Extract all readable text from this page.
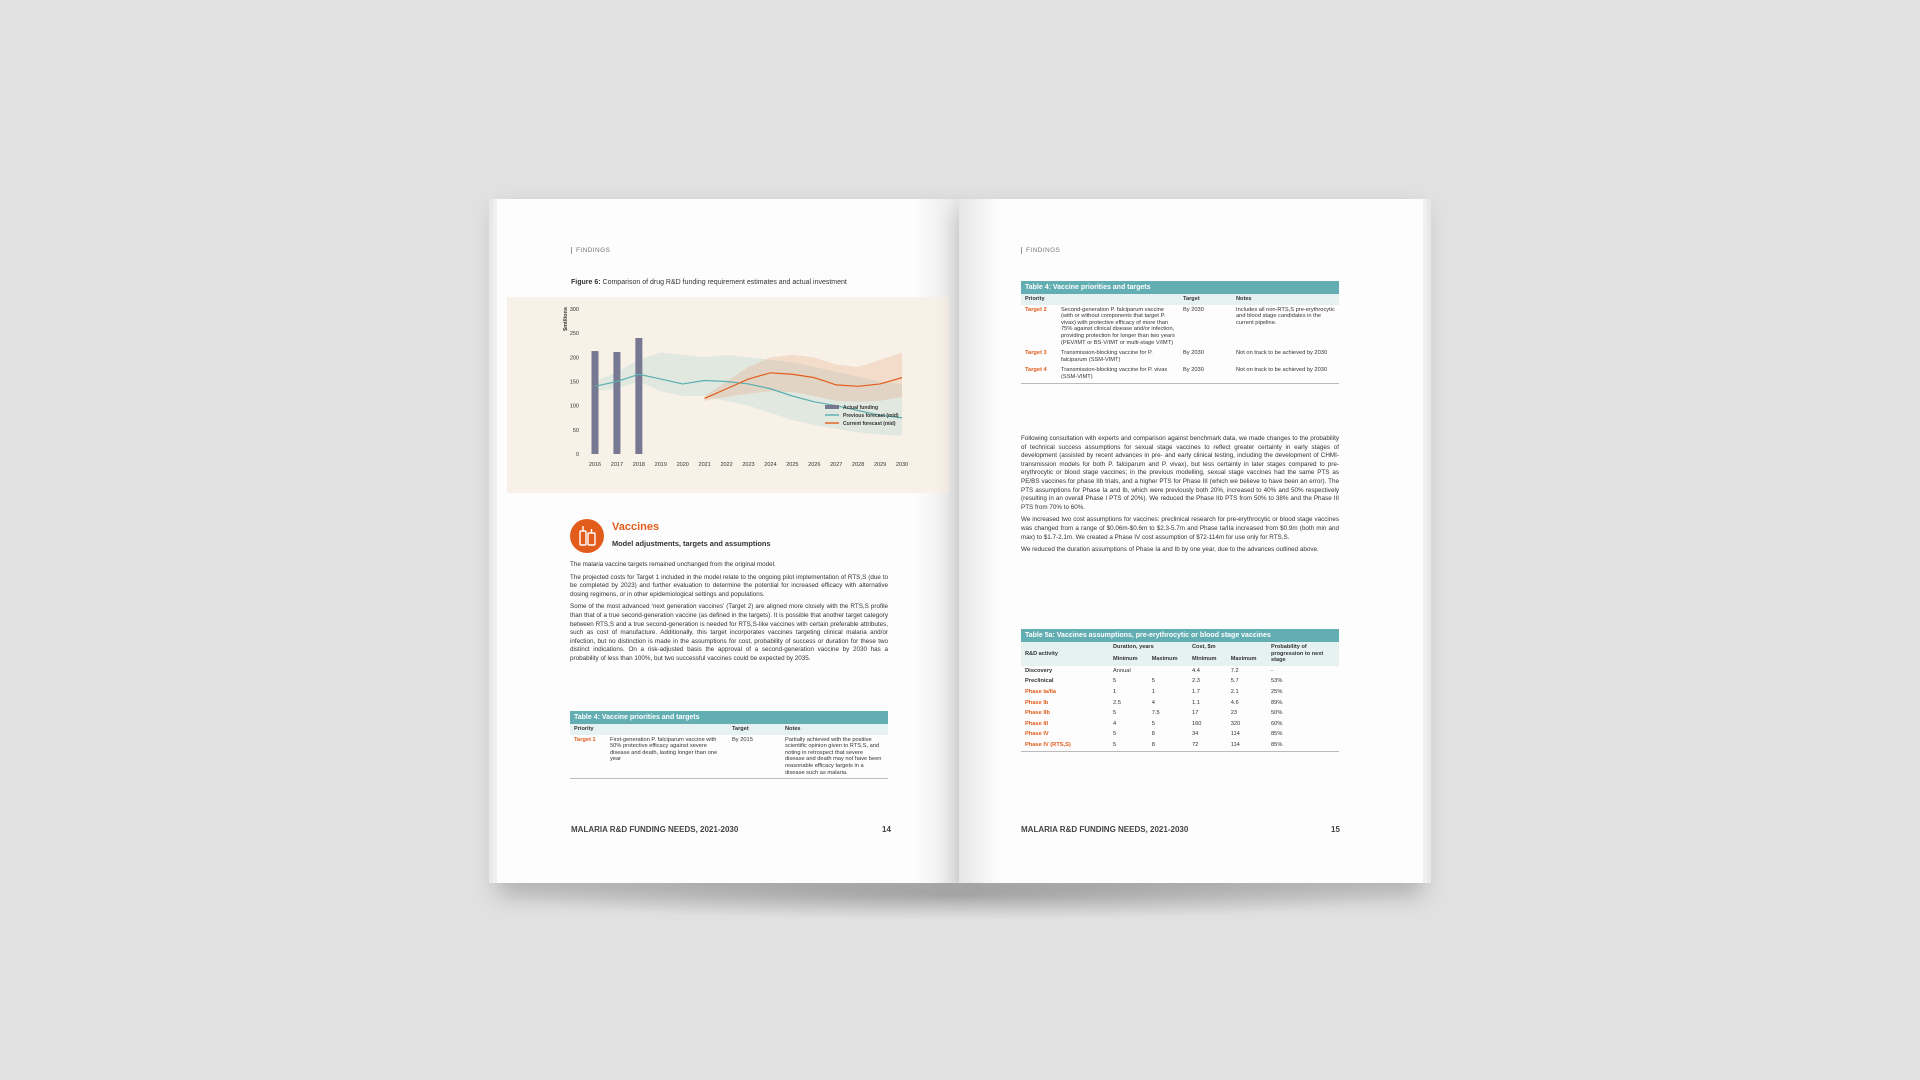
FINDINGS
Figure 6: Comparison of drug R&D funding requirement estimates and actual investment
$millions
0
50
100
150
200
250
300
2016 2017 2018 2019 2020 2021 2022 2023 2024 2025 2026 2027 2028 2029 2030
Actual funding
Previous forecast (mid)
Current forecast (mid)
Vaccines
Model adjustments, targets and assumptions

The malaria vaccine targets remained unchanged from the original model.

The projected costs for Target 1 included in the model relate to the ongoing pilot implementation of RTS,S (due to be completed by 2023) and further evaluation to determine the potential for increased efficacy with alternative dosing regimens, or in other epidemiological settings and populations.

Some of the most advanced ‘next generation vaccines’ (Target 2) are aligned more closely with the RTS,S profile than that of a true second-generation vaccine (as defined in the targets). It is possible that another target category between RTS,S and a true second-generation is needed for RTS,S-like vaccines with certain preferable attributes, such as cost of manufacture. Additionally, this target incorporates vaccines targeting clinical malaria and/or infection, but no distinction is made in the assumptions for cost, probability of success or duration for these two distinct indications. On a risk-adjusted basis the approval of a second-generation vaccine by 2030 has a probability of less than 100%, but two successful vaccines could be expected by 2035.

Table 4: Vaccine priorities and targets
Priority	Target	Notes

Target 1 First-generation P. falciparum vaccine with 50% protective efficacy against severe disease and death, lasting longer than one year	By 2015	Partially achieved with the positive scientific opinion given to RTS,S, and noting in retrospect that severe disease and death may not have been reasonable efficacy targets in a disease such as malaria.
MALARIA R&D FUNDING NEEDS, 2021-2030	14
FINDINGS
Table 4: Vaccine priorities and targets
Priority	Target	Notes

Target 2 Second-generation P. falciparum vaccine (with or without components that target P. vivax) with protective efficacy of more than 75% against clinical disease and/or infection, providing protection for longer than two years (PEV/IMT or BS-V/IMT or multi-stage V/IMT)	By 2030	Includes all non-RTS,S pre-erythrocytic and blood stage candidates in the current pipeline.

Target 3 Transmission-blocking vaccine for P. falciparum (SSM-VIMT)	By 2030	Not on track to be achieved by 2030

Target 4 Transmission-blocking vaccine for P. vivax (SSM-VIMT)	By 2030	Not on track to be achieved by 2030

Following consultation with experts and comparison against benchmark data, we made changes to the probability of technical success assumptions for sexual stage vaccines to reflect greater certainty in early stages of development (assisted by recent advances in pre- and early clinical testing, including the development of CHMI-transmission models for both P. falciparum and P. vivax), but less certainty in later stages compared to pre-erythrocytic or blood stage vaccines; in the previous modelling, sexual stage vaccines had the same PTS as PE/BS vaccines for phase IIb trials, and a higher PTS for Phase III (which we believe to have been an error). The PTS assumptions for Phase Ia and Ib, which were previously both 20%, increased to 40% and 50% respectively (resulting in an overall Phase I PTS of 20%). We reduced the Phase IIb PTS from 50% to 38% and the Phase III PTS from 70% to 60%.

We increased two cost assumptions for vaccines: preclinical research for pre-erythrocytic or blood stage vaccines was changed from a range of $0.06m-$0.6m to $2.3-5.7m and Phase Ia/IIa increased from $0.9m (both min and max) to $1.7-2.1m. We created a Phase IV cost assumption of $72-114m for use only for RTS,S.

We reduced the duration assumptions of Phase Ia and Ib by one year, due to the advances outlined above.

Table 5a: Vaccines assumptions, pre-erythrocytic or blood stage vaccines
R&D activity	Duration, years		Cost, $m		Probability of progression to next stage
	Minimum	Maximum	Minimum	Maximum	
Discovery	Annual		4.4	7.2	-
Preclinical	5	5	2.3	5.7	53%
Phase Ia/IIa	1	1	1.7	2.1	25%
Phase Ib	2.5	4	1.1	4.6	89%
Phase IIb	5	7.5	17	23	50%
Phase III	4	5	160	320	60%
Phase IV	5	8	34	114	85%
Phase IV (RTS,S)	5	8	72	114	85%
MALARIA R&D FUNDING NEEDS, 2021-2030	15
